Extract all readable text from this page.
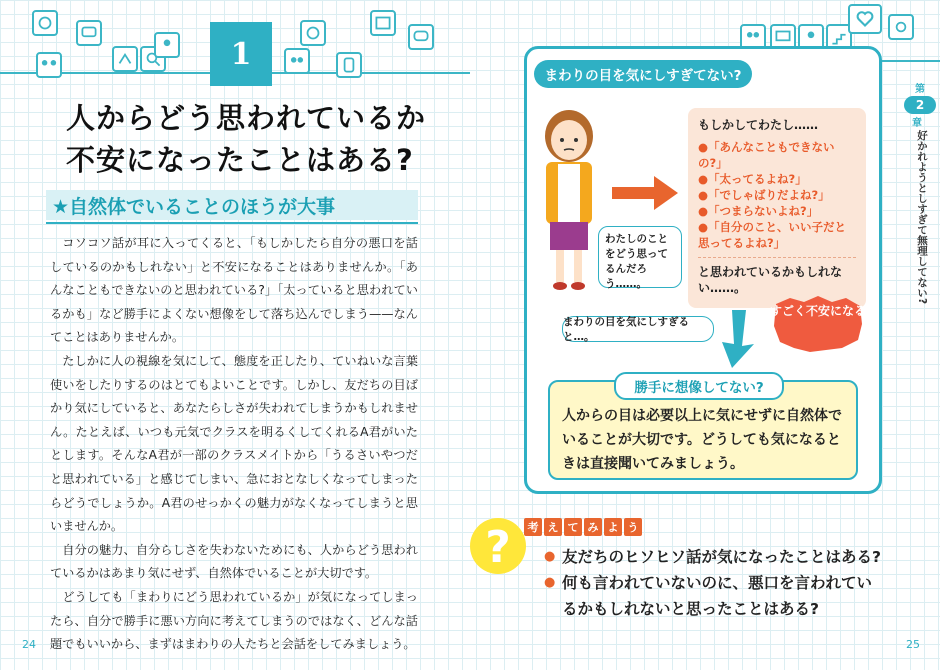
1
人からどう思われているか
不安になったことはある?
★自然体でいることのほうが大事

コソコソ話が耳に入ってくると、「もしかしたら自分の悪口を話しているのかもしれない」と不安になることはありませんか。「あんなこともできないのと思われている?」「太っていると思われているかも」など勝手によくない想像をして落ち込んでしまう——なんてことはありませんか。

たしかに人の視線を気にして、態度を正したり、ていねいな言葉使いをしたりするのはとてもよいことです。しかし、友だちの目ばかり気にしていると、あなたらしさが失われてしまうかもしれません。たとえば、いつも元気でクラスを明るくしてくれるA君がいたとします。そんなA君が一部のクラスメイトから「うるさいやつだと思われている」と感じてしまい、急におとなしくなってしまったらどうでしょうか。A君のせっかくの魅力がなくなってしまうと思いませんか。

自分の魅力、自分らしさを失わないためにも、人からどう思われているかはあまり気にせず、自然体でいることが大切です。

どうしても「まわりにどう思われているか」が気になってしまったら、自分で勝手に悪い方向に考えてしまうのではなく、どんな話題でもいいから、まずはまわりの人たちと会話をしてみましょう。

24	25
まわりの目を気にしすぎてない?
わたしのことをどう思ってるんだろう……。
もしかしてわたし……
●「あんなこともできないの?」
●「太ってるよね?」
●「でしゃばりだよね?」
●「つまらないよね?」
●「自分のこと、いい子だと思ってるよね?」
と思われているかもしれない……。
すごく不安になる
まわりの目を気にしすぎると…。
人からの目は必要以上に気にせずに自然体でいることが大切です。どうしても気になるときは直接聞いてみましょう。
勝手に想像してない?
?	考 え て み よ う
● 友だちのヒソヒソ話が気になったことはある?
● 何も言われていないのに、悪口を言われているかもしれないと思ったことはある?
第
2
章
好かれようとしすぎて無理してない?
